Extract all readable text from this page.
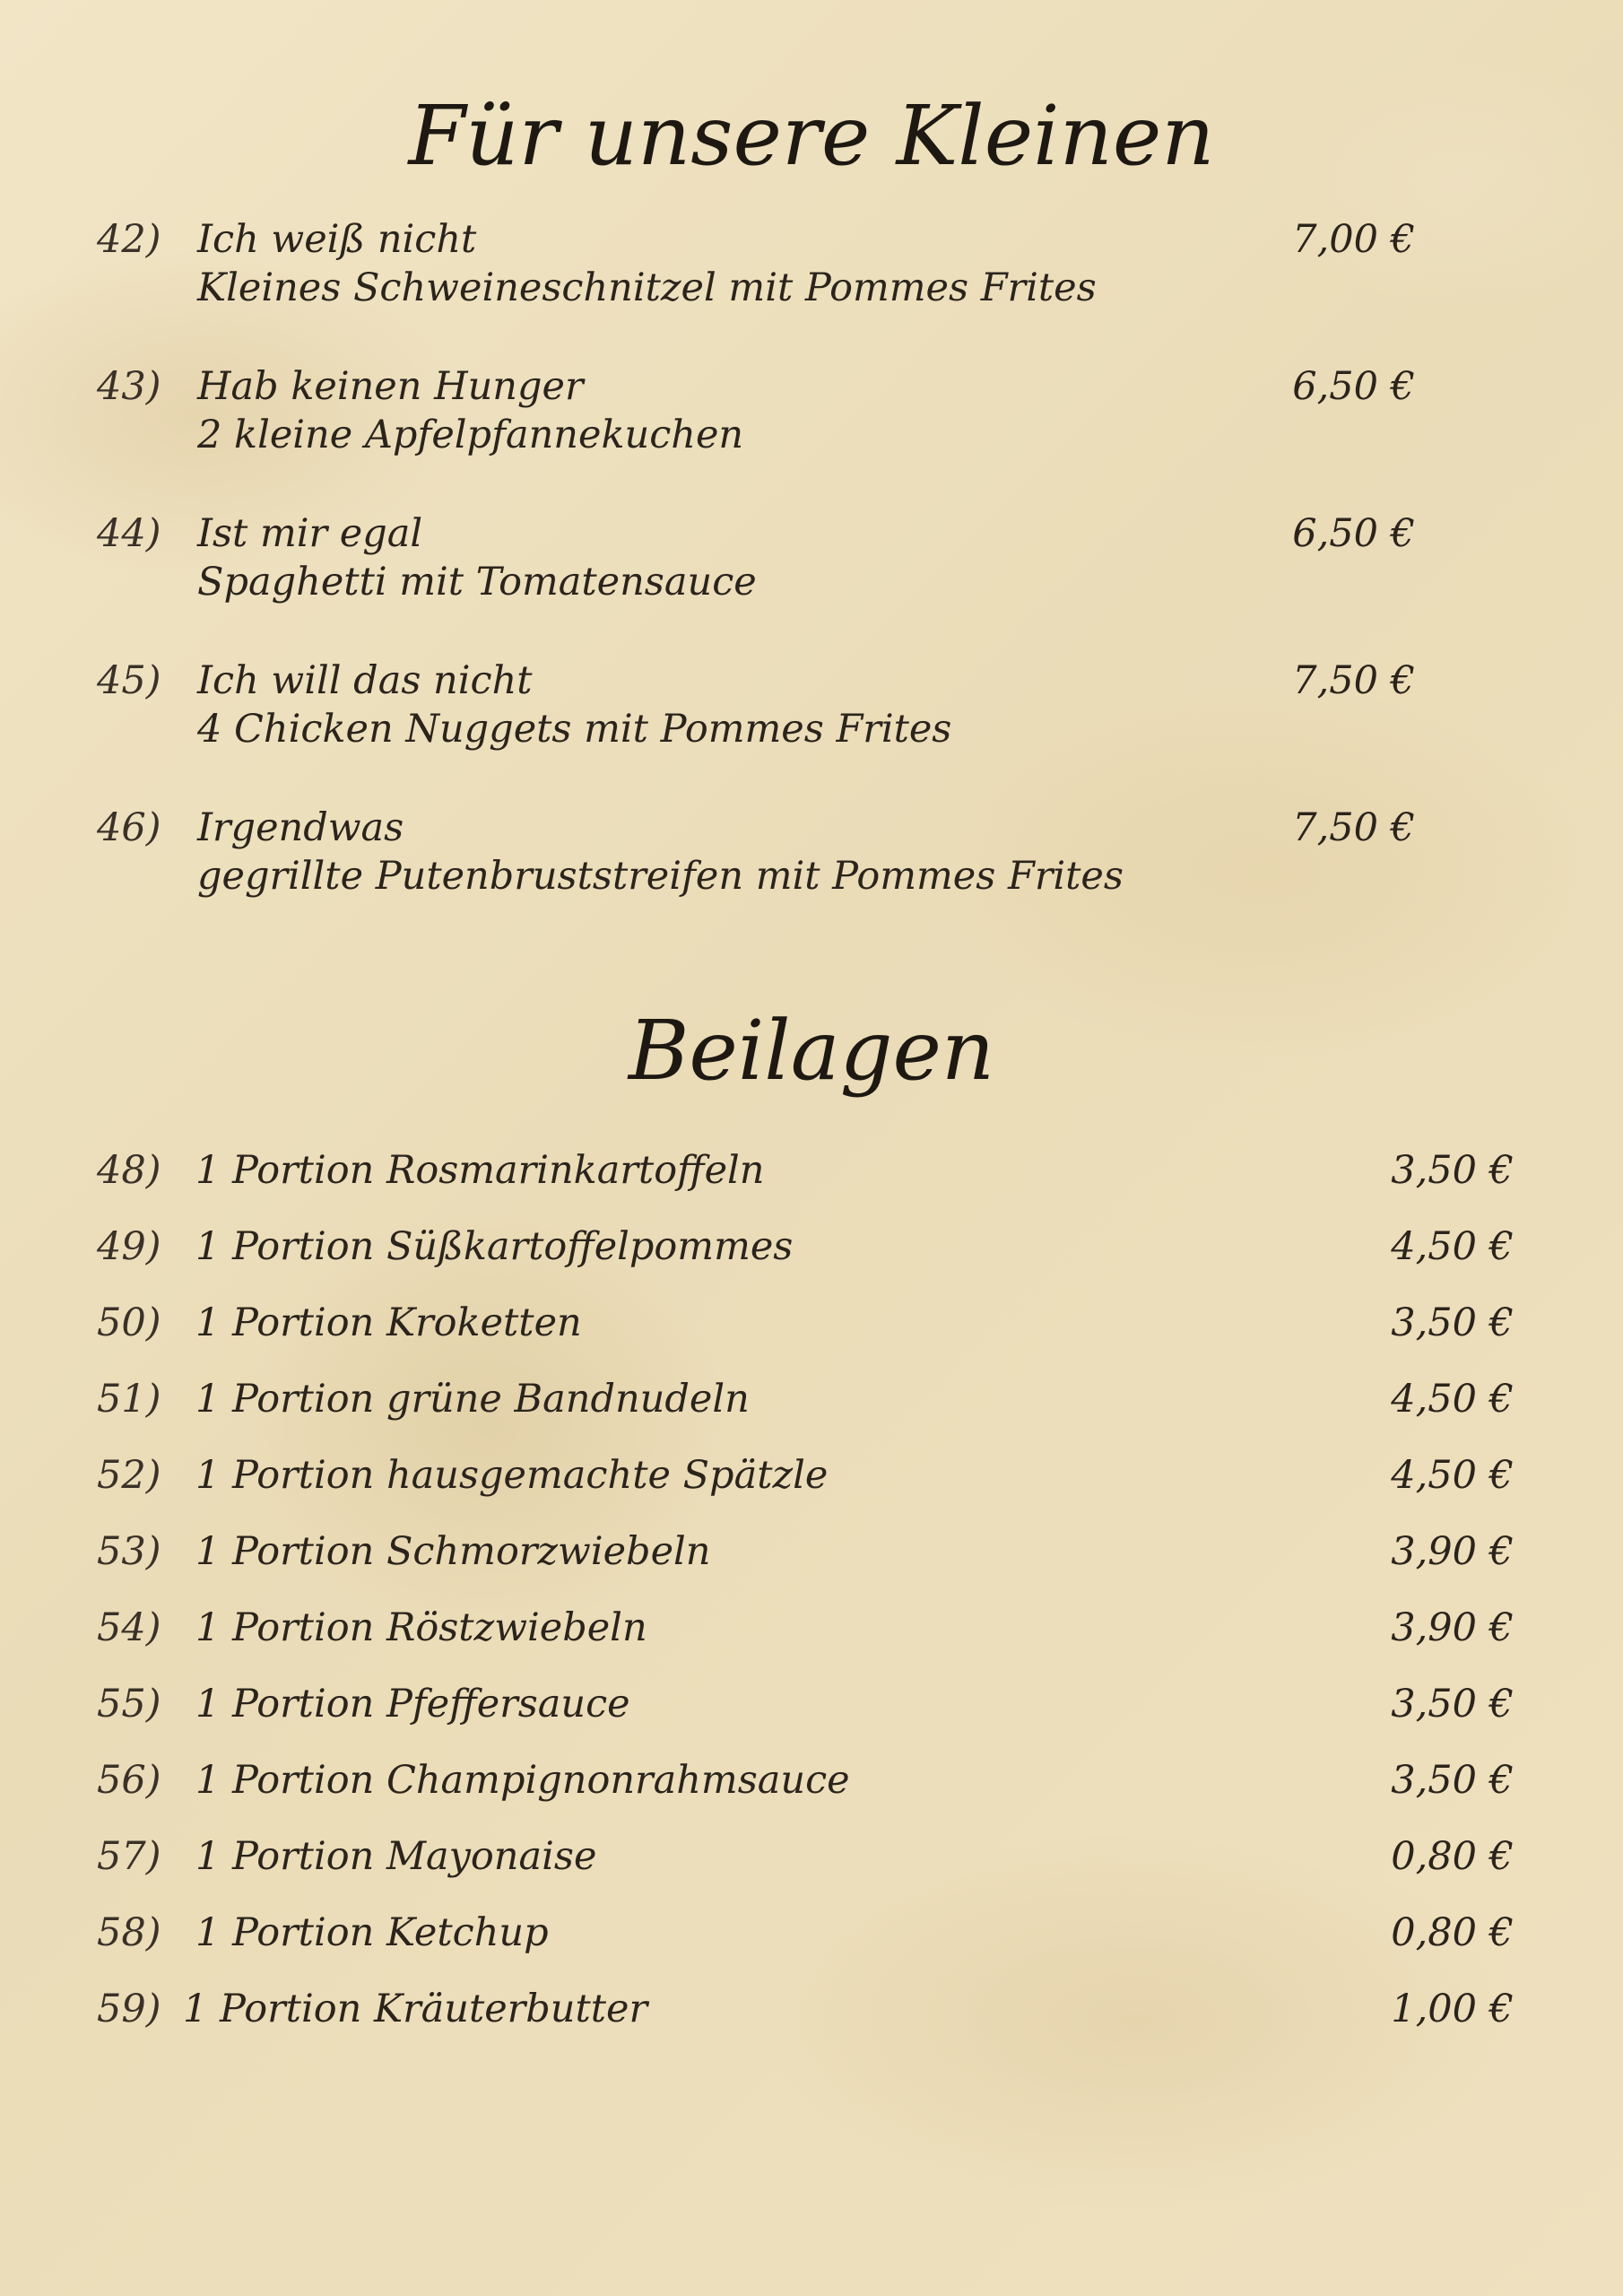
Für unsere Kleinen
42) Ich weiß nicht
Kleines Schweineschnitzel mit Pommes Frites
7,00 €
43) Hab keinen Hunger
2 kleine Apfelpfannekuchen
6,50 €
44) Ist mir egal
Spaghetti mit Tomatensauce
6,50 €
45) Ich will das nicht
4 Chicken Nuggets mit Pommes Frites
7,50 €
46) Irgendwas
gegrillte Putenbruststreifen mit Pommes Frites
7,50 €
Beilagen
48) 1 Portion Rosmarinkartoffeln	3,50 €
49) 1 Portion Süßkartoffelpommes	4,50 €
50) 1 Portion Kroketten	3,50 €
51) 1 Portion grüne Bandnudeln	4,50 €
52) 1 Portion hausgemachte Spätzle	4,50 €
53) 1 Portion Schmorzwiebeln	3,90 €
54) 1 Portion Röstzwiebeln	3,90 €
55) 1 Portion Pfeffersauce	3,50 €
56) 1 Portion Champignonrahmsauce	3,50 €
57) 1 Portion Mayonaise	0,80 €
58) 1 Portion Ketchup	0,80 €
59) 1 Portion Kräuterbutter	1,00 €
